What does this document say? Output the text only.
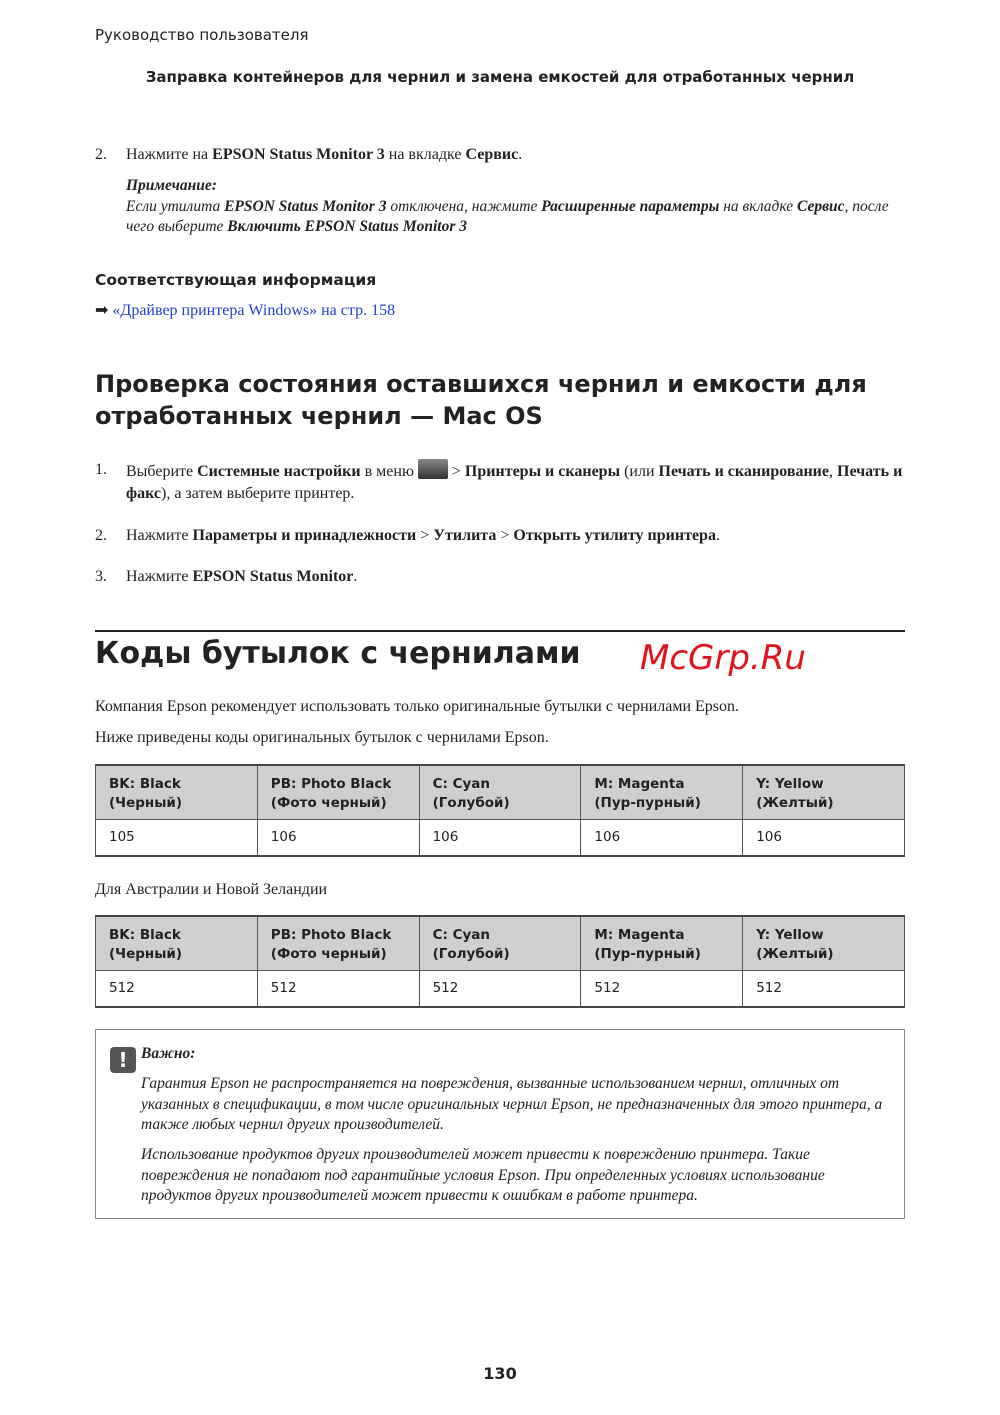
Руководство пользователя
Заправка контейнеров для чернил и замена емкостей для отработанных чернил
2. Нажмите на EPSON Status Monitor 3 на вкладке Сервис.
Примечание:
Если утилита EPSON Status Monitor 3 отключена, нажмите Расширенные параметры на вкладке Сервис, после чего выберите Включить EPSON Status Monitor 3
Соответствующая информация
➡ «Драйвер принтера Windows» на стр. 158
Проверка состояния оставшихся чернил и емкости для
отработанных чернил — Mac OS
1. Выберите Системные настройки в меню  > Принтеры и сканеры (или Печать и сканирование, Печать и факс), а затем выберите принтер.
2. Нажмите Параметры и принадлежности > Утилита > Открыть утилиту принтера.
3. Нажмите EPSON Status Monitor.
Коды бутылок с чернилами McGrp.Ru
Компания Epson рекомендует использовать только оригинальные бутылки с чернилами Epson.
Ниже приведены коды оригинальных бутылок с чернилами Epson.
BK: Black (Черный)	PB: Photo Black (Фото черный)	C: Cyan (Голубой)	M: Magenta (Пур-пурный)	Y: Yellow (Желтый)
105	106	106	106	106
Для Австралии и Новой Зеландии
BK: Black (Черный)	PB: Photo Black (Фото черный)	C: Cyan (Голубой)	M: Magenta (Пур-пурный)	Y: Yellow (Желтый)
512	512	512	512	512
! Важно:
Гарантия Epson не распространяется на повреждения, вызванные использованием чернил, отличных от указанных в спецификации, в том числе оригинальных чернил Epson, не предназначенных для этого принтера, а также любых чернил других производителей.
Использование продуктов других производителей может привести к повреждению принтера. Такие повреждения не попадают под гарантийные условия Epson. При определенных условиях использование продуктов других производителей может привести к ошибкам в работе принтера.
130
